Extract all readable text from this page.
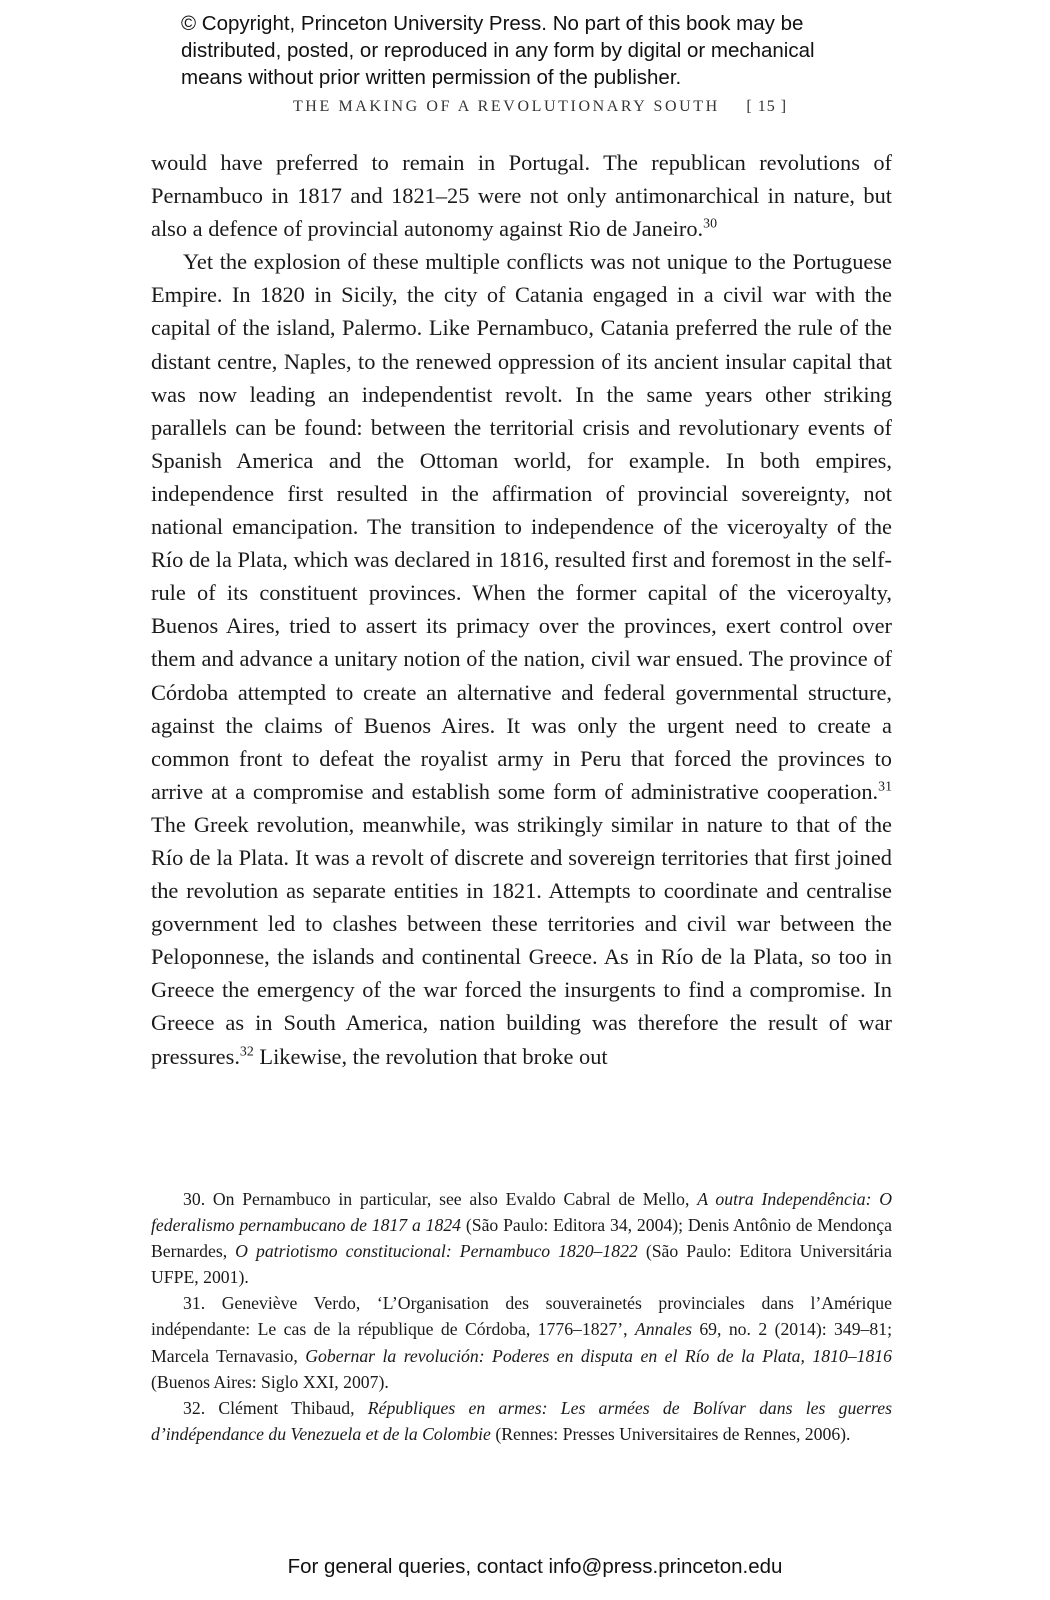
© Copyright, Princeton University Press. No part of this book may be

distributed, posted, or reproduced in any form by digital or mechanical

means without prior written permission of the publisher.

THE MAKING OF A REVOLUTIONARY SOUTH [ 15 ]

would have preferred to remain in Portugal. The republican revolutions of Pernambuco in 1817 and 1821–25 were not only antimonarchical in nature, but also a defence of provincial autonomy against Rio de Janeiro.$^{30}$

Yet the explosion of these multiple conflicts was not unique to the Portuguese Empire. In 1820 in Sicily, the city of Catania engaged in a civil war with the capital of the island, Palermo. Like Pernambuco, Catania preferred the rule of the distant centre, Naples, to the renewed oppression of its ancient insular capital that was now leading an independentist revolt. In the same years other striking parallels can be found: between the territorial crisis and revolutionary events of Spanish America and the Ottoman world, for example. In both empires, independence first resulted in the affirmation of provincial sovereignty, not national emancipation. The transition to independence of the viceroyalty of the Río de la Plata, which was declared in 1816, resulted first and foremost in the self-rule of its constituent provinces. When the former capital of the viceroyalty, Buenos Aires, tried to assert its primacy over the provinces, exert control over them and advance a unitary notion of the nation, civil war ensued. The province of Córdoba attempted to create an alternative and federal governmental structure, against the claims of Buenos Aires. It was only the urgent need to create a common front to defeat the royalist army in Peru that forced the provinces to arrive at a compromise and establish some form of administrative cooperation.$^{31}$ The Greek revolution, meanwhile, was strikingly similar in nature to that of the Río de la Plata. It was a revolt of discrete and sovereign territories that first joined the revolution as separate entities in 1821. Attempts to coordinate and centralise government led to clashes between these territories and civil war between the Peloponnese, the islands and continental Greece. As in Río de la Plata, so too in Greece the emergency of the war forced the insurgents to find a compromise. In Greece as in South America, nation building was therefore the result of war pressures.$^{32}$ Likewise, the revolution that broke out

30. On Pernambuco in particular, see also Evaldo Cabral de Mello, A outra Independência: O federalismo pernambucano de 1817 a 1824 (São Paulo: Editora 34, 2004); Denis Antônio de Mendonça Bernardes, O patriotismo constitucional: Pernambuco 1820–1822 (São Paulo: Editora Universitária UFPE, 2001).

31. Geneviève Verdo, ‘L’Organisation des souverainetés provinciales dans l’Amérique indépendante: Le cas de la république de Córdoba, 1776–1827’, Annales 69, no. 2 (2014): 349–81; Marcela Ternavasio, Gobernar la revolución: Poderes en disputa en el Río de la Plata, 1810–1816 (Buenos Aires: Siglo XXI, 2007).

32. Clément Thibaud, Républiques en armes: Les armées de Bolívar dans les guerres d’indépendance du Venezuela et de la Colombie (Rennes: Presses Universitaires de Rennes, 2006).

For general queries, contact info@press.princeton.edu
